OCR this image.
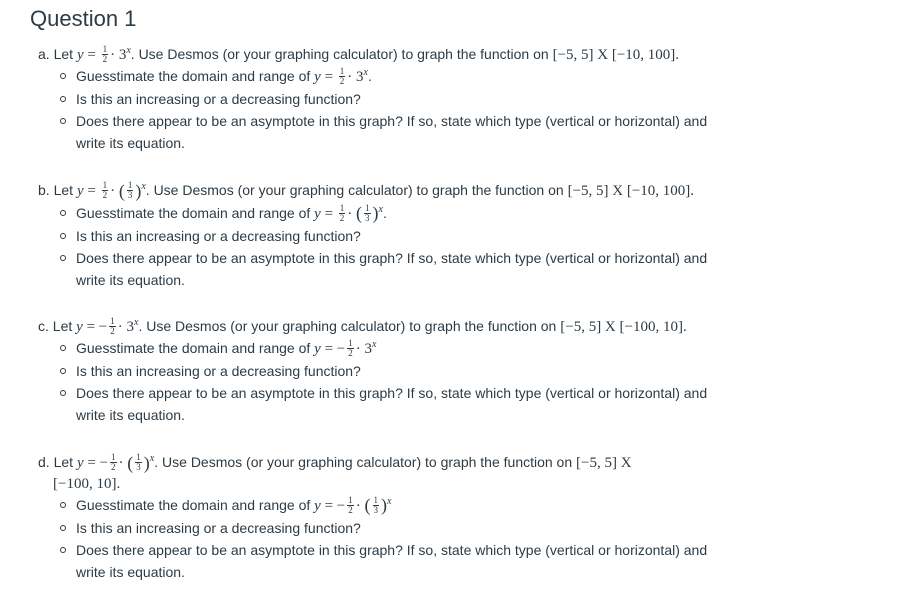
Question 1
a. Let $y = \frac{1}{2} \cdot 3^x$. Use Desmos (or your graphing calculator) to graph the function on [−5, 5] X [−10, 100].
Guesstimate the domain and range of $y = \frac{1}{2} \cdot 3^x$.
Is this an increasing or a decreasing function?
Does there appear to be an asymptote in this graph? If so, state which type (vertical or horizontal) and
write its equation.
b. Let $y = \frac{1}{2}$ · ( $\frac{1}{3} )^x$. Use Desmos (or your graphing calculator) to graph the function on [−5, 5] X [−10, 100].
Guesstimate the domain and range of $y = \frac{1}{2}$ · ( $\frac{1}{3} )^x$.
Is this an increasing or a decreasing function?
Does there appear to be an asymptote in this graph? If so, state which type (vertical or horizontal) and
write its equation.
c. Let y = − $\frac{1}{2} \cdot 3^x$. Use Desmos (or your graphing calculator) to graph the function on [−5, 5] X [−100, 10].
Guesstimate the domain and range of y = − $\frac{1}{2} \cdot 3^x$
Is this an increasing or a decreasing function?
Does there appear to be an asymptote in this graph? If so, state which type (vertical or horizontal) and
write its equation.
d. Let y = − $\frac{1}{2}$ · ( $\frac{1}{3} )^x$. Use Desmos (or your graphing calculator) to graph the function on [−5, 5] X
[−100, 10].
Guesstimate the domain and range of y = − $\frac{1}{2}$ · ( $\frac{1}{3} )^x$
Is this an increasing or a decreasing function?
Does there appear to be an asymptote in this graph? If so, state which type (vertical or horizontal) and
write its equation.
